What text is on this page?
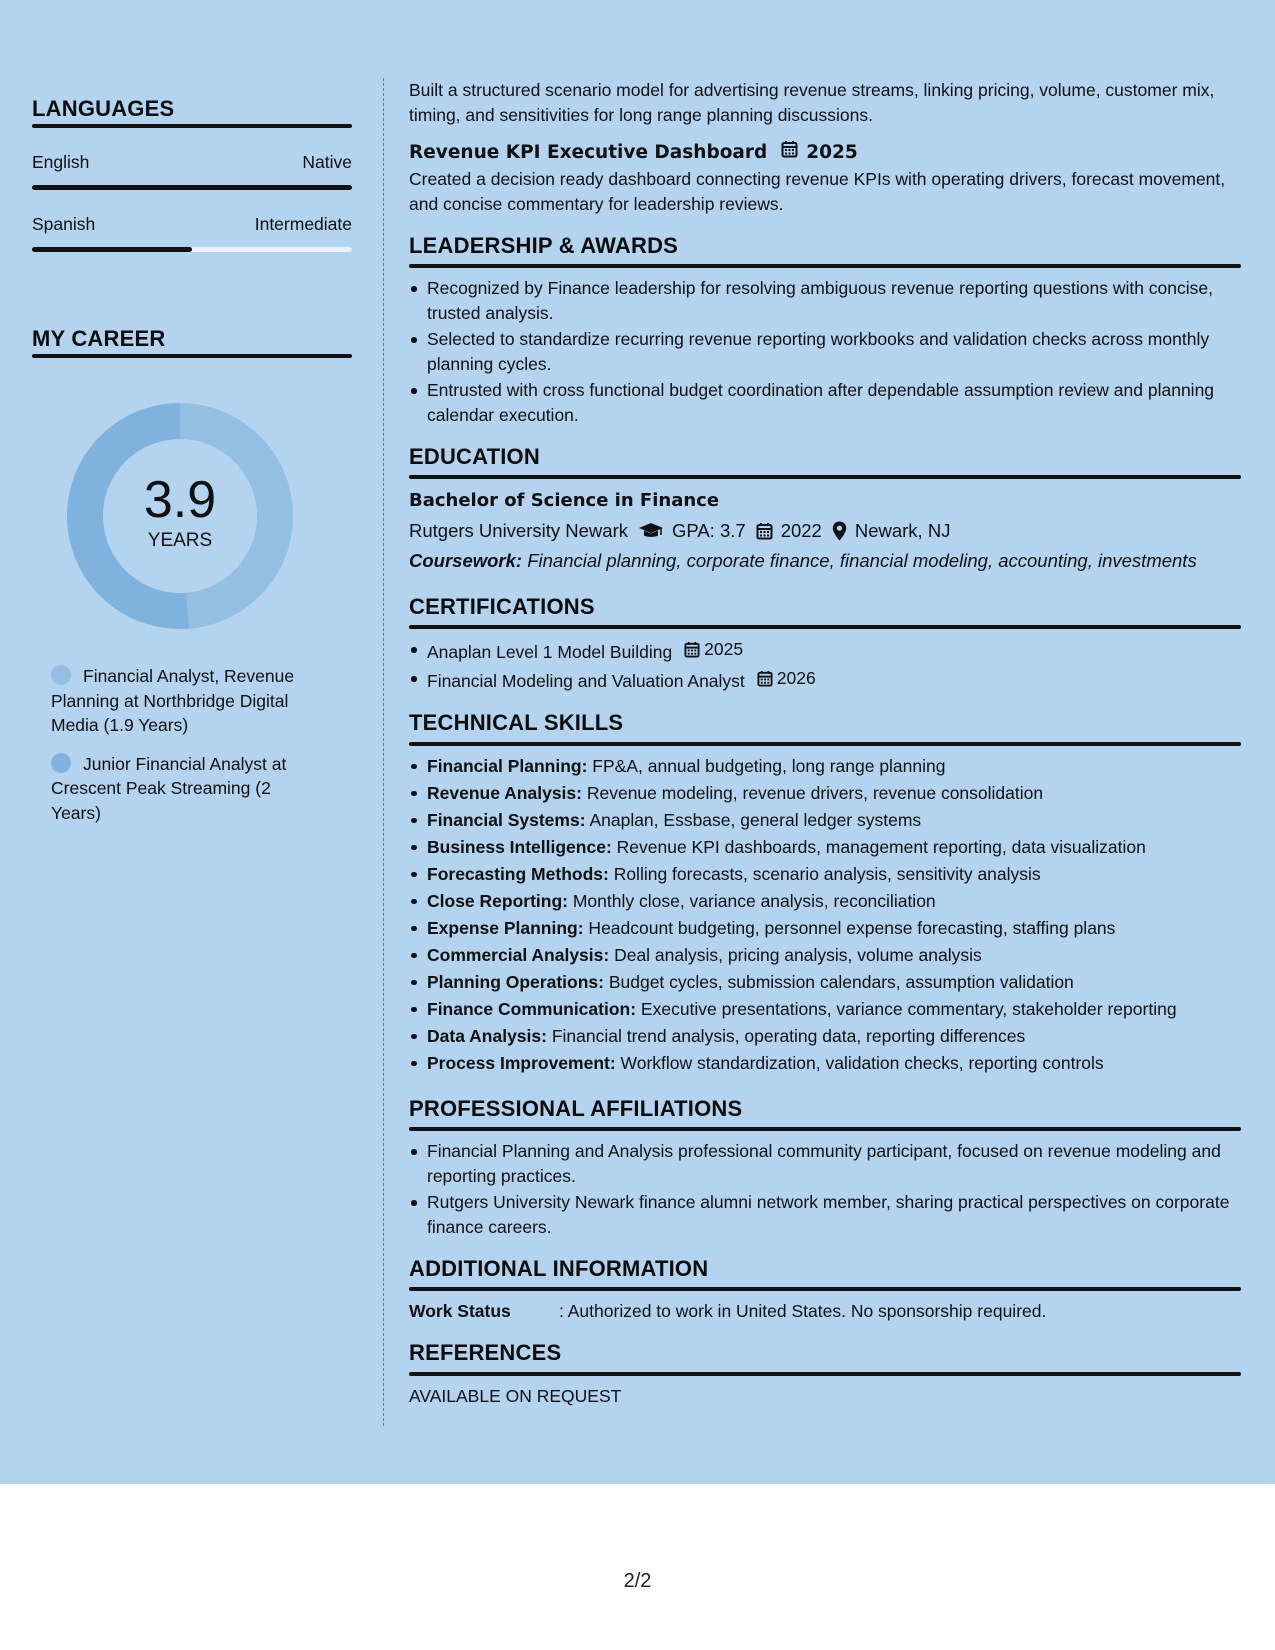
LANGUAGES
English	Native
Spanish	Intermediate
MY CAREER
3.9
YEARS
Financial Analyst, Revenue Planning at Northbridge Digital Media (1.9 Years)
Junior Financial Analyst at Crescent Peak Streaming (2 Years)
Built a structured scenario model for advertising revenue streams, linking pricing, volume, customer mix, timing, and sensitivities for long range planning discussions.
Revenue KPI Executive Dashboard 2025
Created a decision ready dashboard connecting revenue KPIs with operating drivers, forecast movement, and concise commentary for leadership reviews.
LEADERSHIP & AWARDS
Recognized by Finance leadership for resolving ambiguous revenue reporting questions with concise, trusted analysis.
Selected to standardize recurring revenue reporting workbooks and validation checks across monthly planning cycles.
Entrusted with cross functional budget coordination after dependable assumption review and planning calendar execution.
EDUCATION
Bachelor of Science in Finance
Rutgers University Newark GPA: 3.7 2022 Newark, NJ
Coursework: Financial planning, corporate finance, financial modeling, accounting, investments
CERTIFICATIONS
Anaplan Level 1 Model Building 2025
Financial Modeling and Valuation Analyst 2026
TECHNICAL SKILLS
Financial Planning: FP&A, annual budgeting, long range planning
Revenue Analysis: Revenue modeling, revenue drivers, revenue consolidation
Financial Systems: Anaplan, Essbase, general ledger systems
Business Intelligence: Revenue KPI dashboards, management reporting, data visualization
Forecasting Methods: Rolling forecasts, scenario analysis, sensitivity analysis
Close Reporting: Monthly close, variance analysis, reconciliation
Expense Planning: Headcount budgeting, personnel expense forecasting, staffing plans
Commercial Analysis: Deal analysis, pricing analysis, volume analysis
Planning Operations: Budget cycles, submission calendars, assumption validation
Finance Communication: Executive presentations, variance commentary, stakeholder reporting
Data Analysis: Financial trend analysis, operating data, reporting differences
Process Improvement: Workflow standardization, validation checks, reporting controls
PROFESSIONAL AFFILIATIONS
Financial Planning and Analysis professional community participant, focused on revenue modeling and reporting practices.
Rutgers University Newark finance alumni network member, sharing practical perspectives on corporate finance careers.
ADDITIONAL INFORMATION
Work Status	: Authorized to work in United States. No sponsorship required.
REFERENCES
AVAILABLE ON REQUEST
2/2
